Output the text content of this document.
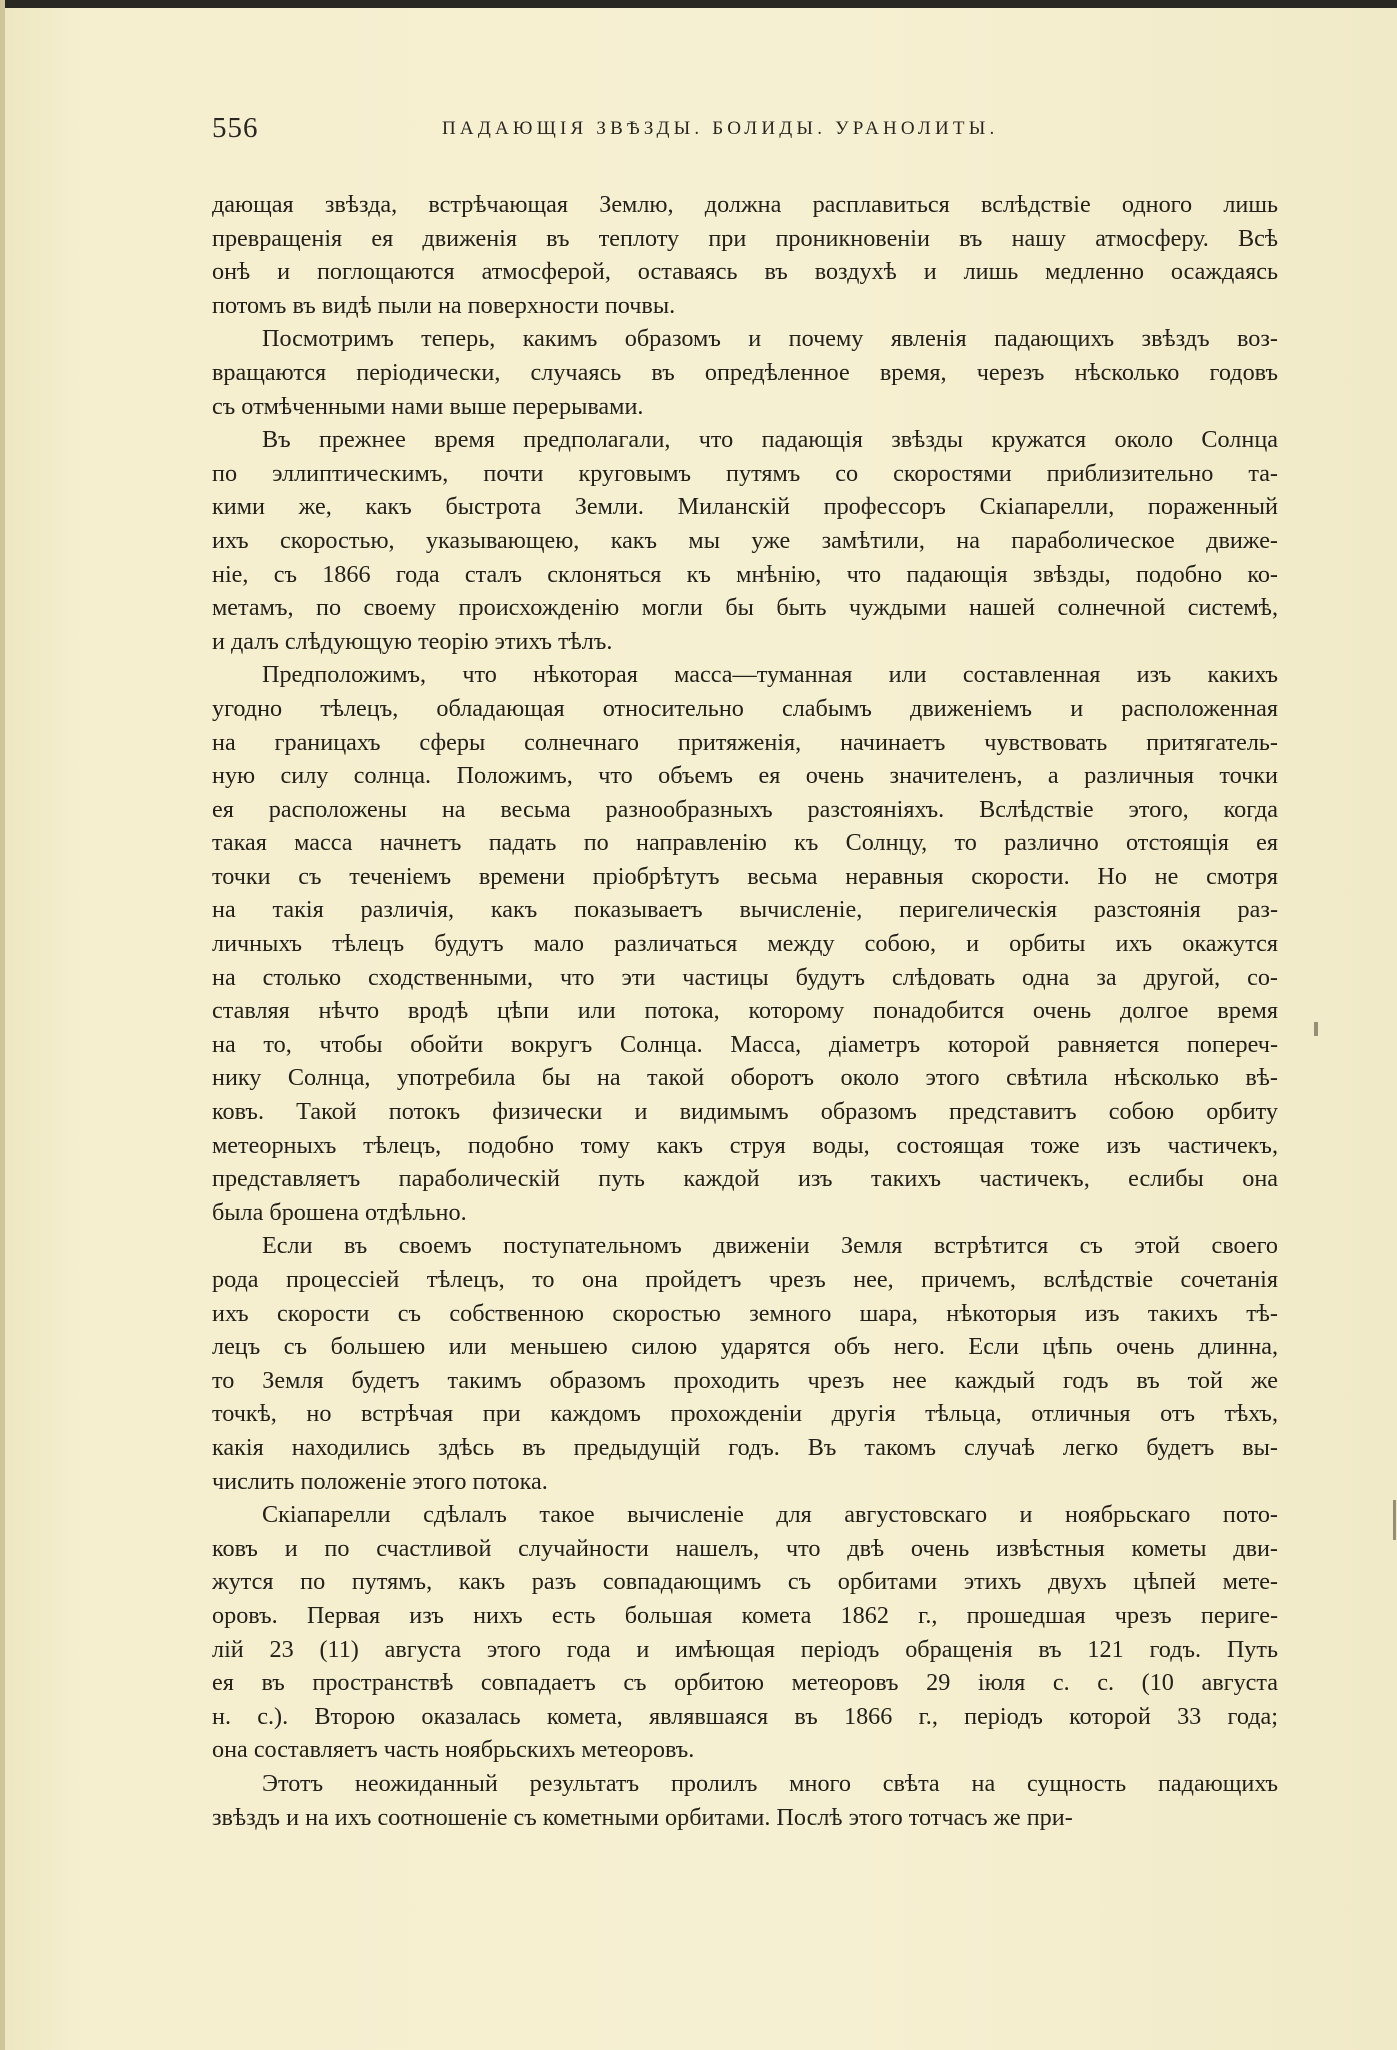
556	ПАДАЮЩІЯ ЗВѢЗДЫ. БОЛИДЫ. УРАНОЛИТЫ.

дающая звѣзда, встрѣчающая Землю, должна расплавиться вслѣдствіе одного лишь
превращенія ея движенія въ теплоту при проникновеніи въ нашу атмосферу. Всѣ
онѣ и поглощаются атмосферой, оставаясь въ воздухѣ и лишь медленно осаждаясь
потомъ въ видѣ пыли на поверхности почвы.

Посмотримъ теперь, какимъ образомъ и почему явленія падающихъ звѣздъ воз-
вращаются періодически, случаясь въ опредѣленное время, черезъ нѣсколько годовъ
съ отмѣченными нами выше перерывами.

Въ прежнее время предполагали, что падающія звѣзды кружатся около Солнца
по эллиптическимъ, почти круговымъ путямъ со скоростями приблизительно та-
кими же, какъ быстрота Земли. Миланскій профессоръ Скіапарелли, пораженный
ихъ скоростью, указывающею, какъ мы уже замѣтили, на параболическое движе-
ніе, съ 1866 года сталъ склоняться къ мнѣнію, что падающія звѣзды, подобно ко-
метамъ, по своему происхожденію могли бы быть чуждыми нашей солнечной системѣ,
и далъ слѣдующую теорію этихъ тѣлъ.

Предположимъ, что нѣкоторая масса—туманная или составленная изъ какихъ
угодно тѣлецъ, обладающая относительно слабымъ движеніемъ и расположенная
на границахъ сферы солнечнаго притяженія, начинаетъ чувствовать притягатель-
ную силу солнца. Положимъ, что объемъ ея очень значителенъ, а различныя точки
ея расположены на весьма разнообразныхъ разстояніяхъ. Вслѣдствіе этого, когда
такая масса начнетъ падать по направленію къ Солнцу, то различно отстоящія ея
точки съ теченіемъ времени пріобрѣтутъ весьма неравныя скорости. Но не смотря
на такія различія, какъ показываетъ вычисленіе, перигелическія разстоянія раз-
личныхъ тѣлецъ будутъ мало различаться между собою, и орбиты ихъ окажутся
на столько сходственными, что эти частицы будутъ слѣдовать одна за другой, со-
ставляя нѣчто вродѣ цѣпи или потока, которому понадобится очень долгое время
на то, чтобы обойти вокругъ Солнца. Масса, діаметръ которой равняется попереч-
нику Солнца, употребила бы на такой оборотъ около этого свѣтила нѣсколько вѣ-
ковъ. Такой потокъ физически и видимымъ образомъ представитъ собою орбиту
метеорныхъ тѣлецъ, подобно тому какъ струя воды, состоящая тоже изъ частичекъ,
представляетъ параболическій путь каждой изъ такихъ частичекъ, еслибы она
была брошена отдѣльно.

Если въ своемъ поступательномъ движеніи Земля встрѣтится съ этой своего
рода процессіей тѣлецъ, то она пройдетъ чрезъ нее, причемъ, вслѣдствіе сочетанія
ихъ скорости съ собственною скоростью земного шара, нѣкоторыя изъ такихъ тѣ-
лецъ съ большею или меньшею силою ударятся объ него. Если цѣпь очень длинна,
то Земля будетъ такимъ образомъ проходить чрезъ нее каждый годъ въ той же
точкѣ, но встрѣчая при каждомъ прохожденіи другія тѣльца, отличныя отъ тѣхъ,
какія находились здѣсь въ предыдущій годъ. Въ такомъ случаѣ легко будетъ вы-
числить положеніе этого потока.

Скіапарелли сдѣлалъ такое вычисленіе для августовскаго и ноябрьскаго пото-
ковъ и по счастливой случайности нашелъ, что двѣ очень извѣстныя кометы дви-
жутся по путямъ, какъ разъ совпадающимъ съ орбитами этихъ двухъ цѣпей мете-
оровъ. Первая изъ нихъ есть большая комета 1862 г., прошедшая чрезъ периге-
лій 23 (11) августа этого года и имѣющая періодъ обращенія въ 121 годъ. Путь
ея въ пространствѣ совпадаетъ съ орбитою метеоровъ 29 іюля с. с. (10 августа
н. с.). Второю оказалась комета, являвшаяся въ 1866 г., періодъ которой 33 года;
она составляетъ часть ноябрьскихъ метеоровъ.

Этотъ неожиданный результатъ пролилъ много свѣта на сущность падающихъ
звѣздъ и на ихъ соотношеніе съ кометными орбитами. Послѣ этого тотчасъ же при-
